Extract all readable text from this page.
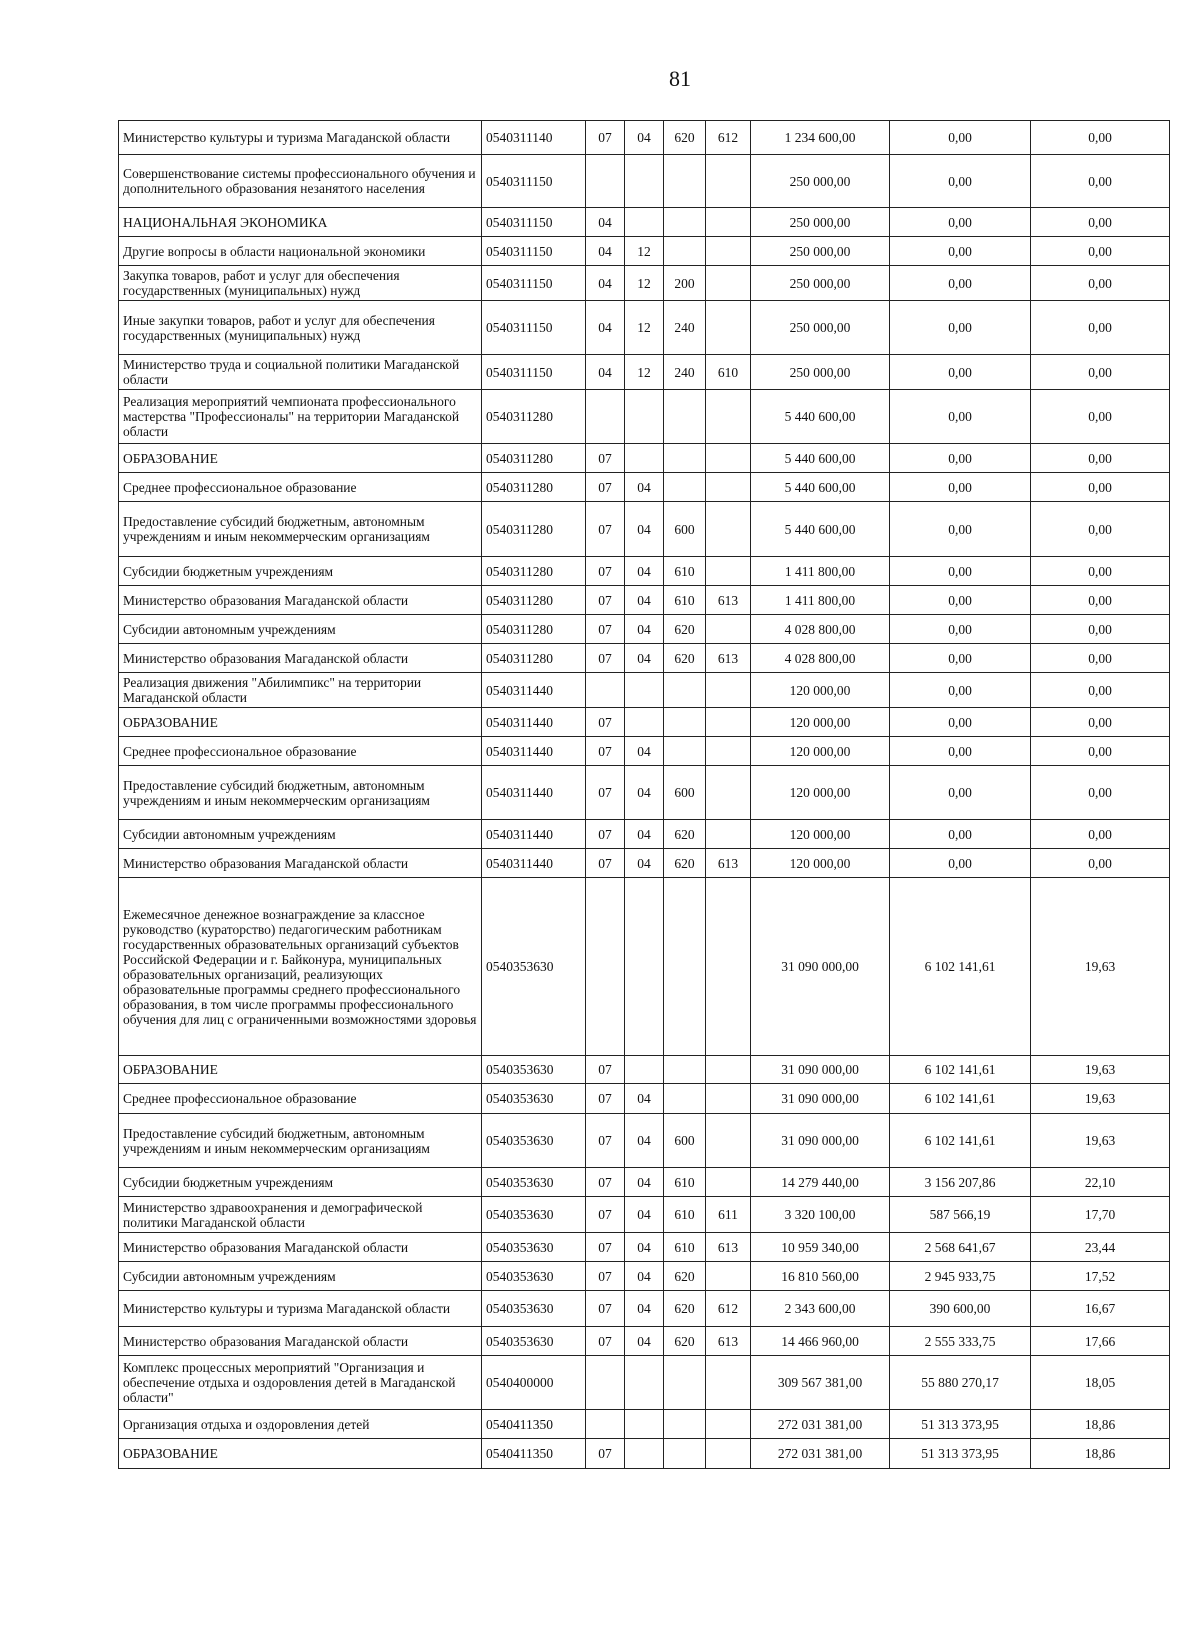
81
Министерство культуры и туризма Магаданской области	0540311140	07	04	620	612	1 234 600,00	0,00	0,00
Совершенствование системы профессионального обучения и дополнительного образования незанятого населения	0540311150					250 000,00	0,00	0,00
НАЦИОНАЛЬНАЯ ЭКОНОМИКА	0540311150	04				250 000,00	0,00	0,00
Другие вопросы в области национальной экономики	0540311150	04	12			250 000,00	0,00	0,00
Закупка товаров, работ и услуг для обеспечения государственных (муниципальных) нужд	0540311150	04	12	200		250 000,00	0,00	0,00
Иные закупки товаров, работ и услуг для обеспечения государственных (муниципальных) нужд	0540311150	04	12	240		250 000,00	0,00	0,00
Министерство труда и социальной политики Магаданской области	0540311150	04	12	240	610	250 000,00	0,00	0,00
Реализация мероприятий чемпионата профессионального мастерства "Профессионалы" на территории Магаданской области	0540311280					5 440 600,00	0,00	0,00
ОБРАЗОВАНИЕ	0540311280	07				5 440 600,00	0,00	0,00
Среднее профессиональное образование	0540311280	07	04			5 440 600,00	0,00	0,00
Предоставление субсидий бюджетным, автономным учреждениям и иным некоммерческим организациям	0540311280	07	04	600		5 440 600,00	0,00	0,00
Субсидии бюджетным учреждениям	0540311280	07	04	610		1 411 800,00	0,00	0,00
Министерство образования Магаданской области	0540311280	07	04	610	613	1 411 800,00	0,00	0,00
Субсидии автономным учреждениям	0540311280	07	04	620		4 028 800,00	0,00	0,00
Министерство образования Магаданской области	0540311280	07	04	620	613	4 028 800,00	0,00	0,00
Реализация движения "Абилимпикс" на территории Магаданской области	0540311440					120 000,00	0,00	0,00
ОБРАЗОВАНИЕ	0540311440	07				120 000,00	0,00	0,00
Среднее профессиональное образование	0540311440	07	04			120 000,00	0,00	0,00
Предоставление субсидий бюджетным, автономным учреждениям и иным некоммерческим организациям	0540311440	07	04	600		120 000,00	0,00	0,00
Субсидии автономным учреждениям	0540311440	07	04	620		120 000,00	0,00	0,00
Министерство образования Магаданской области	0540311440	07	04	620	613	120 000,00	0,00	0,00
Ежемесячное денежное вознаграждение за классное руководство (кураторство) педагогическим работникам государственных образовательных организаций субъектов Российской Федерации и г. Байконура, муниципальных образовательных организаций, реализующих образовательные программы среднего профессионального образования, в том числе программы профессионального обучения для лиц с ограниченными возможностями здоровья	0540353630					31 090 000,00	6 102 141,61	19,63
ОБРАЗОВАНИЕ	0540353630	07				31 090 000,00	6 102 141,61	19,63
Среднее профессиональное образование	0540353630	07	04			31 090 000,00	6 102 141,61	19,63
Предоставление субсидий бюджетным, автономным учреждениям и иным некоммерческим организациям	0540353630	07	04	600		31 090 000,00	6 102 141,61	19,63
Субсидии бюджетным учреждениям	0540353630	07	04	610		14 279 440,00	3 156 207,86	22,10
Министерство здравоохранения и демографической политики Магаданской области	0540353630	07	04	610	611	3 320 100,00	587 566,19	17,70
Министерство образования Магаданской области	0540353630	07	04	610	613	10 959 340,00	2 568 641,67	23,44
Субсидии автономным учреждениям	0540353630	07	04	620		16 810 560,00	2 945 933,75	17,52
Министерство культуры и туризма Магаданской области	0540353630	07	04	620	612	2 343 600,00	390 600,00	16,67
Министерство образования Магаданской области	0540353630	07	04	620	613	14 466 960,00	2 555 333,75	17,66
Комплекс процессных мероприятий "Организация и обеспечение отдыха и оздоровления детей в Магаданской области"	0540400000					309 567 381,00	55 880 270,17	18,05
Организация отдыха и оздоровления детей	0540411350					272 031 381,00	51 313 373,95	18,86
ОБРАЗОВАНИЕ	0540411350	07				272 031 381,00	51 313 373,95	18,86
